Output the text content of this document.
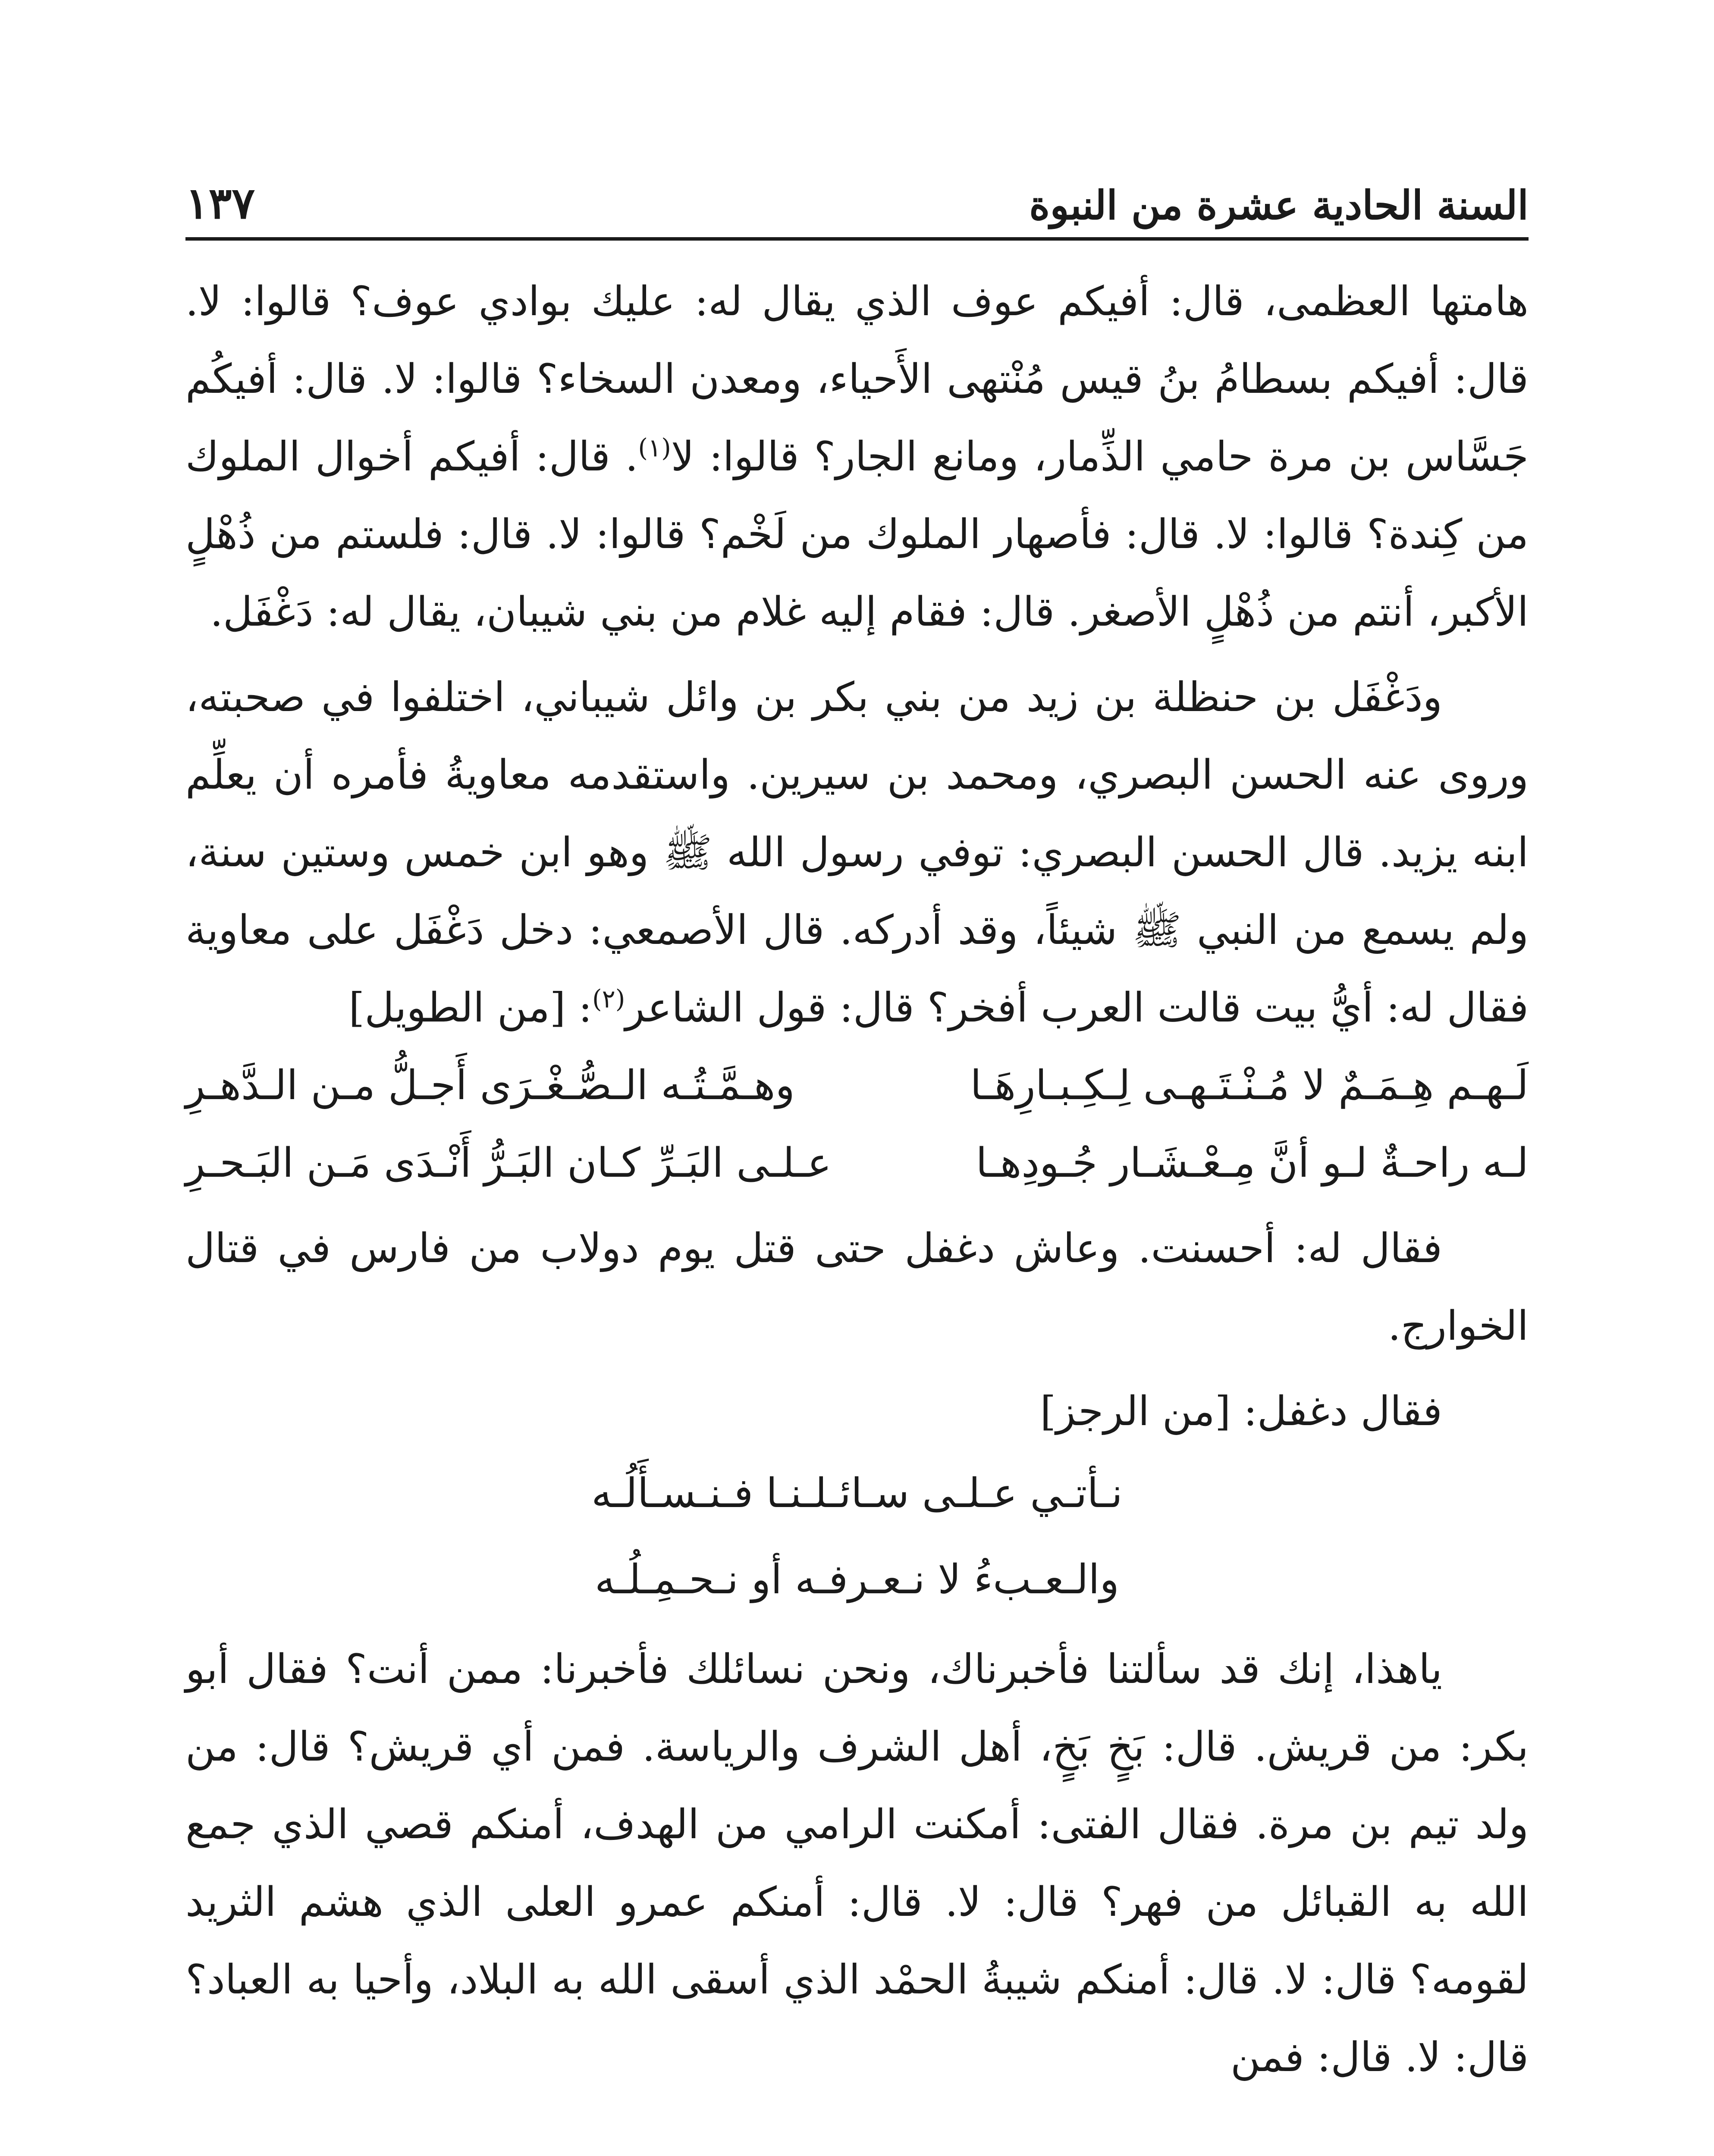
السنة الحادية عشرة من النبوة
١٣٧

هامتها العظمى، قال: أفيكم عوف الذي يقال له: عليك بوادي عوف؟ قالوا: لا. قال: أفيكم بسطامُ بنُ قيس مُنْتهى الأَحياء، ومعدن السخاء؟ قالوا: لا. قال: أفيكُم جَسَّاس بن مرة حامي الذِّمار، ومانع الجار؟ قالوا: لا$^{(١)}$. قال: أفيكم أخوال الملوك من كِندة؟ قالوا: لا. قال: فأصهار الملوك من لَخْم؟ قالوا: لا. قال: فلستم من ذُهْلٍ الأكبر، أنتم من ذُهْلٍ الأصغر. قال: فقام إليه غلام من بني شيبان، يقال له: دَغْفَل.

ودَغْفَل بن حنظلة بن زيد من بني بكر بن وائل شيباني، اختلفوا في صحبته، وروى عنه الحسن البصري، ومحمد بن سيرين. واستقدمه معاويةُ فأمره أن يعلِّم ابنه يزيد. قال الحسن البصري: توفي رسول الله ﷺ وهو ابن خمس وستين سنة، ولم يسمع من النبي ﷺ شيئاً، وقد أدركه. قال الأصمعي: دخل دَغْفَل على معاوية فقال له: أيُّ بيت قالت العرب أفخر؟ قال: قول الشاعر$^{(٢)}$: [من الطويل]

لَـهـم هِـمَـمٌ لا مُـنْـتَـهـى لِـكِـبـارِهَـا
وهـمَّـتُـه الـصُّـغْـرَى أَجـلُّ مـن الـدَّهـرِ
لـه راحـةٌ لـو أنَّ مِـعْـشَـار جُـودِهـا
عـلـى البَـرِّ كـان البَـرُّ أَنْـدَى مَـن البَـحـرِ

فقال له: أحسنت. وعاش دغفل حتى قتل يوم دولاب من فارس في قتال الخوارج.

فقال دغفل: [من الرجز]

نـأتـي عـلـى سـائـلـنـا فـنـسـأَلُـه

والـعـبءُ لا نـعـرفـه أو نـحـمِـلُـه

ياهذا، إنك قد سألتنا فأخبرناك، ونحن نسائلك فأخبرنا: ممن أنت؟ فقال أبو بكر: من قريش. قال: بَخٍ بَخٍ، أهل الشرف والرياسة. فمن أي قريش؟ قال: من ولد تيم بن مرة. فقال الفتى: أمكنت الرامي من الهدف، أمنكم قصي الذي جمع الله به القبائل من فهر؟ قال: لا. قال: أمنكم عمرو العلى الذي هشم الثريد لقومه؟ قال: لا. قال: أمنكم شيبةُ الحمْد الذي أسقى الله به البلاد، وأحيا به العباد؟ قال: لا. قال: فمن
